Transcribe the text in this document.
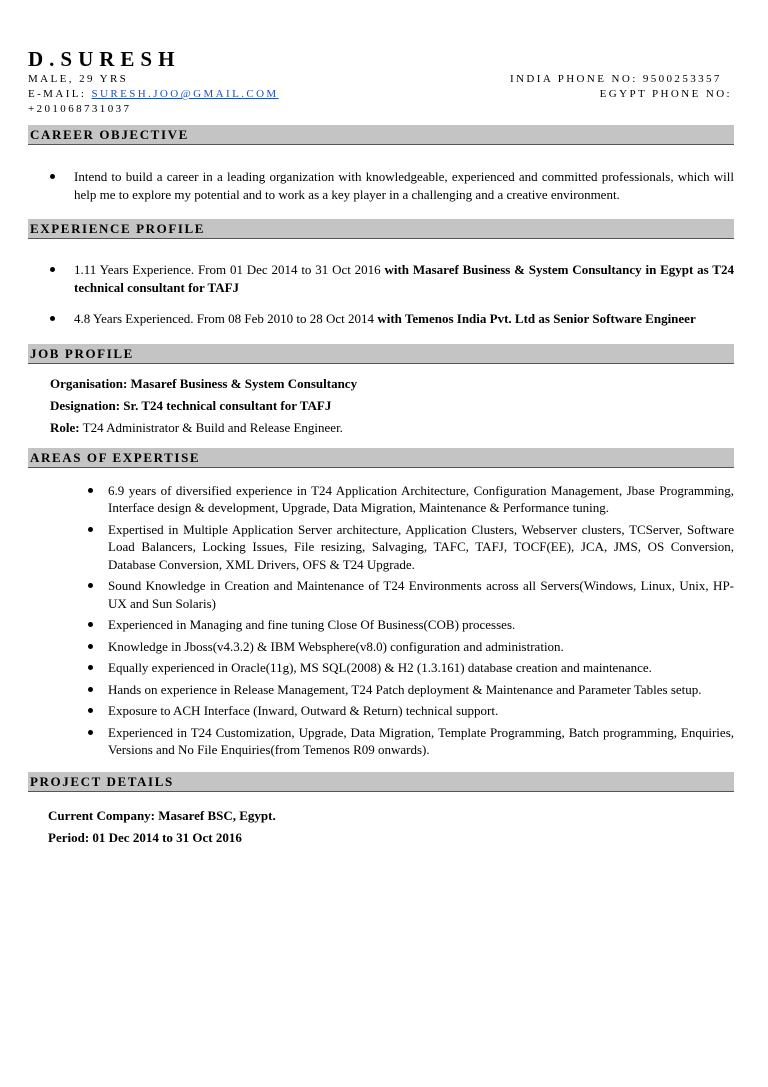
D.SURESH
MALE, 29 YRS	INDIA PHONE NO: 9500253357
E-MAIL: SURESH.JOO@GMAIL.COM	EGYPT PHONE NO:
+201068731037
CAREER OBJECTIVE
Intend to build a career in a leading organization with knowledgeable, experienced and committed professionals, which will help me to explore my potential and to work as a key player in a challenging and a creative environment.
EXPERIENCE PROFILE
1.11 Years Experience. From 01 Dec 2014 to 31 Oct 2016 with Masaref Business & System Consultancy in Egypt as T24 technical consultant for TAFJ
4.8 Years Experienced. From 08 Feb 2010 to 28 Oct 2014 with Temenos India Pvt. Ltd as Senior Software Engineer
JOB PROFILE
Organisation: Masaref Business & System Consultancy
Designation: Sr. T24 technical consultant for TAFJ
Role: T24 Administrator & Build and Release Engineer.
AREAS OF EXPERTISE
6.9 years of diversified experience in T24 Application Architecture, Configuration Management, Jbase Programming, Interface design & development, Upgrade, Data Migration, Maintenance & Performance tuning.
Expertised in Multiple Application Server architecture, Application Clusters, Webserver clusters, TCServer, Software Load Balancers, Locking Issues, File resizing, Salvaging, TAFC, TAFJ, TOCF(EE), JCA, JMS, OS Conversion, Database Conversion, XML Drivers, OFS & T24 Upgrade.
Sound Knowledge in Creation and Maintenance of T24 Environments across all Servers(Windows, Linux, Unix, HP-UX and Sun Solaris)
Experienced in Managing and fine tuning Close Of Business(COB) processes.
Knowledge in Jboss(v4.3.2) & IBM Websphere(v8.0) configuration and administration.
Equally experienced in Oracle(11g), MS SQL(2008) & H2 (1.3.161) database creation and maintenance.
Hands on experience in Release Management, T24 Patch deployment & Maintenance and Parameter Tables setup.
Exposure to ACH Interface (Inward, Outward & Return) technical support.
Experienced in T24 Customization, Upgrade, Data Migration, Template Programming, Batch programming, Enquiries, Versions and No File Enquiries(from Temenos R09 onwards).
PROJECT DETAILS
Current Company: Masaref BSC, Egypt.
Period: 01 Dec 2014 to 31 Oct 2016
